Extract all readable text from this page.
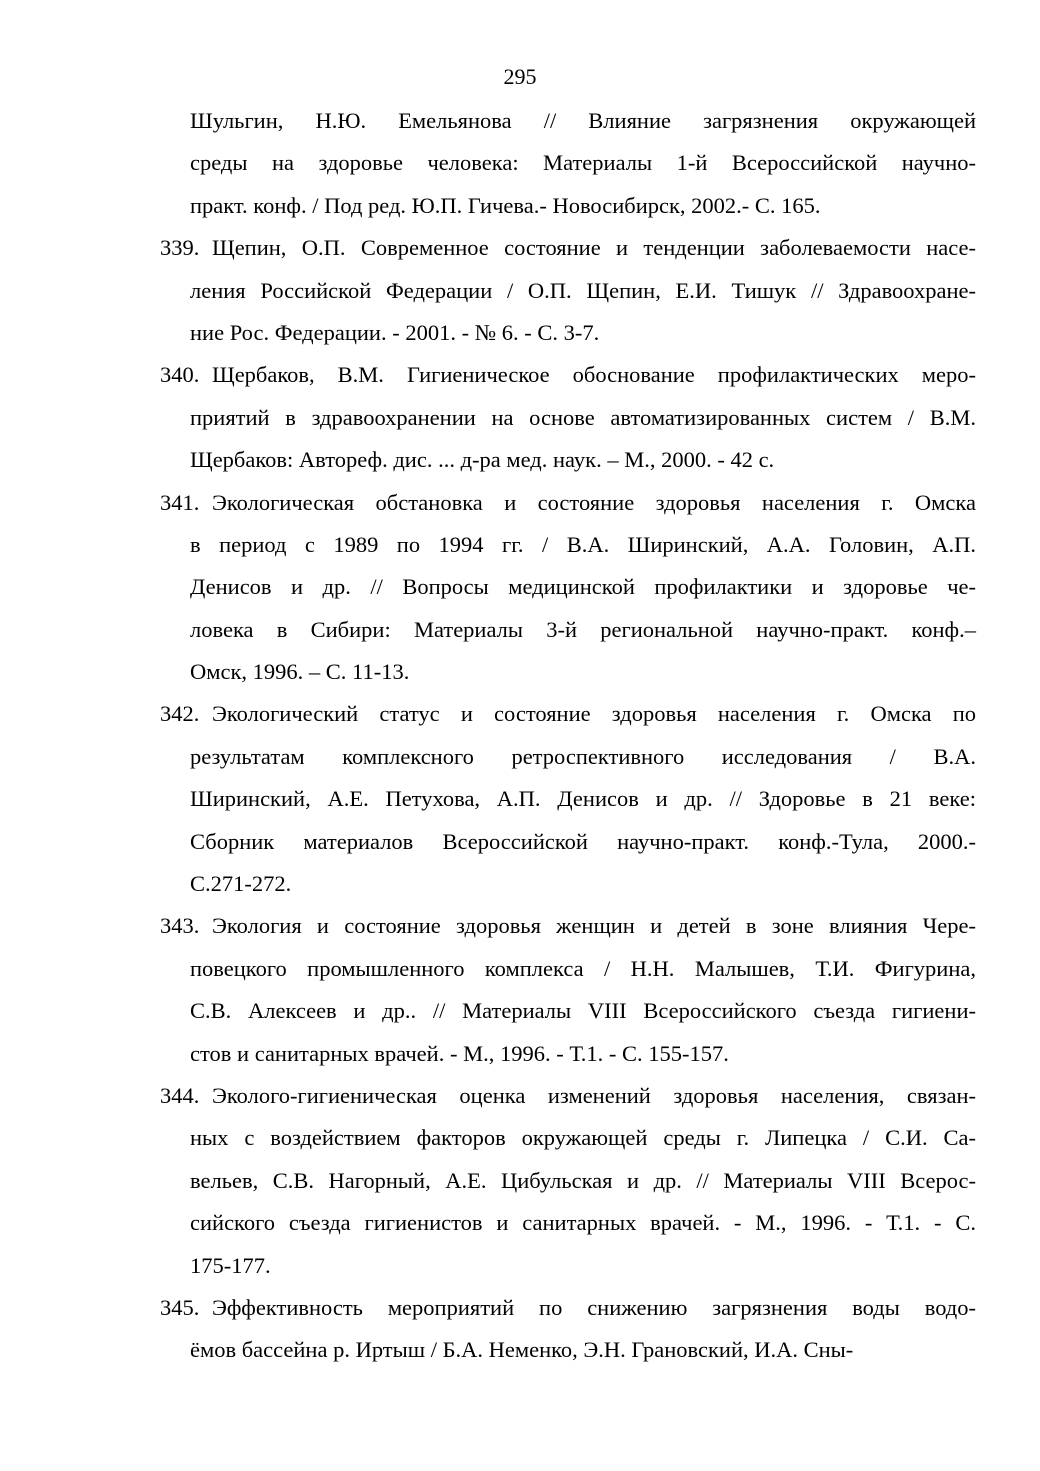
295
Шульгин, Н.Ю. Емельянова // Влияние загрязнения окружающей
среды на здоровье человека: Материалы 1-й Всероссийской научно-
практ. конф. / Под ред. Ю.П. Гичева.- Новосибирск, 2002.- С. 165.
339. Щепин, О.П. Современное состояние и тенденции заболеваемости насе-
ления Российской Федерации / О.П. Щепин, Е.И. Тишук // Здравоохране-
ние Рос. Федерации. - 2001. - № 6. - С. 3-7.
340. Щербаков, В.М. Гигиеническое обоснование профилактических меро-
приятий в здравоохранении на основе автоматизированных систем / В.М.
Щербаков: Автореф. дис. ... д-ра мед. наук. – М., 2000. - 42 с.
341. Экологическая обстановка и состояние здоровья населения г. Омска
в период с 1989 по 1994 гг. / В.А. Ширинский, А.А. Головин, А.П.
Денисов и др. // Вопросы медицинской профилактики и здоровье че-
ловека в Сибири: Материалы 3-й региональной научно-практ. конф.–
Омск, 1996. – С. 11-13.
342. Экологический статус и состояние здоровья населения г. Омска по
результатам комплексного ретроспективного исследования / В.А.
Ширинский, А.Е. Петухова, А.П. Денисов и др. // Здоровье в 21 веке:
Сборник материалов Всероссийской научно-практ. конф.-Тула, 2000.-
С.271-272.
343. Экология и состояние здоровья женщин и детей в зоне влияния Чере-
повецкого промышленного комплекса / Н.Н. Малышев, Т.И. Фигурина,
С.В. Алексеев и др.. // Материалы VIII Всероссийского съезда гигиени-
стов и санитарных врачей. - М., 1996. - Т.1. - С. 155-157.
344. Эколого-гигиеническая оценка изменений здоровья населения, связан-
ных с воздействием факторов окружающей среды г. Липецка / С.И. Са-
вельев, С.В. Нагорный, А.Е. Цибульская и др. // Материалы VIII Всерос-
сийского съезда гигиенистов и санитарных врачей. - М., 1996. - Т.1. - С.
175-177.
345. Эффективность мероприятий по снижению загрязнения воды водо-
ёмов бассейна р. Иртыш / Б.А. Неменко, Э.Н. Грановский, И.А. Сны-
